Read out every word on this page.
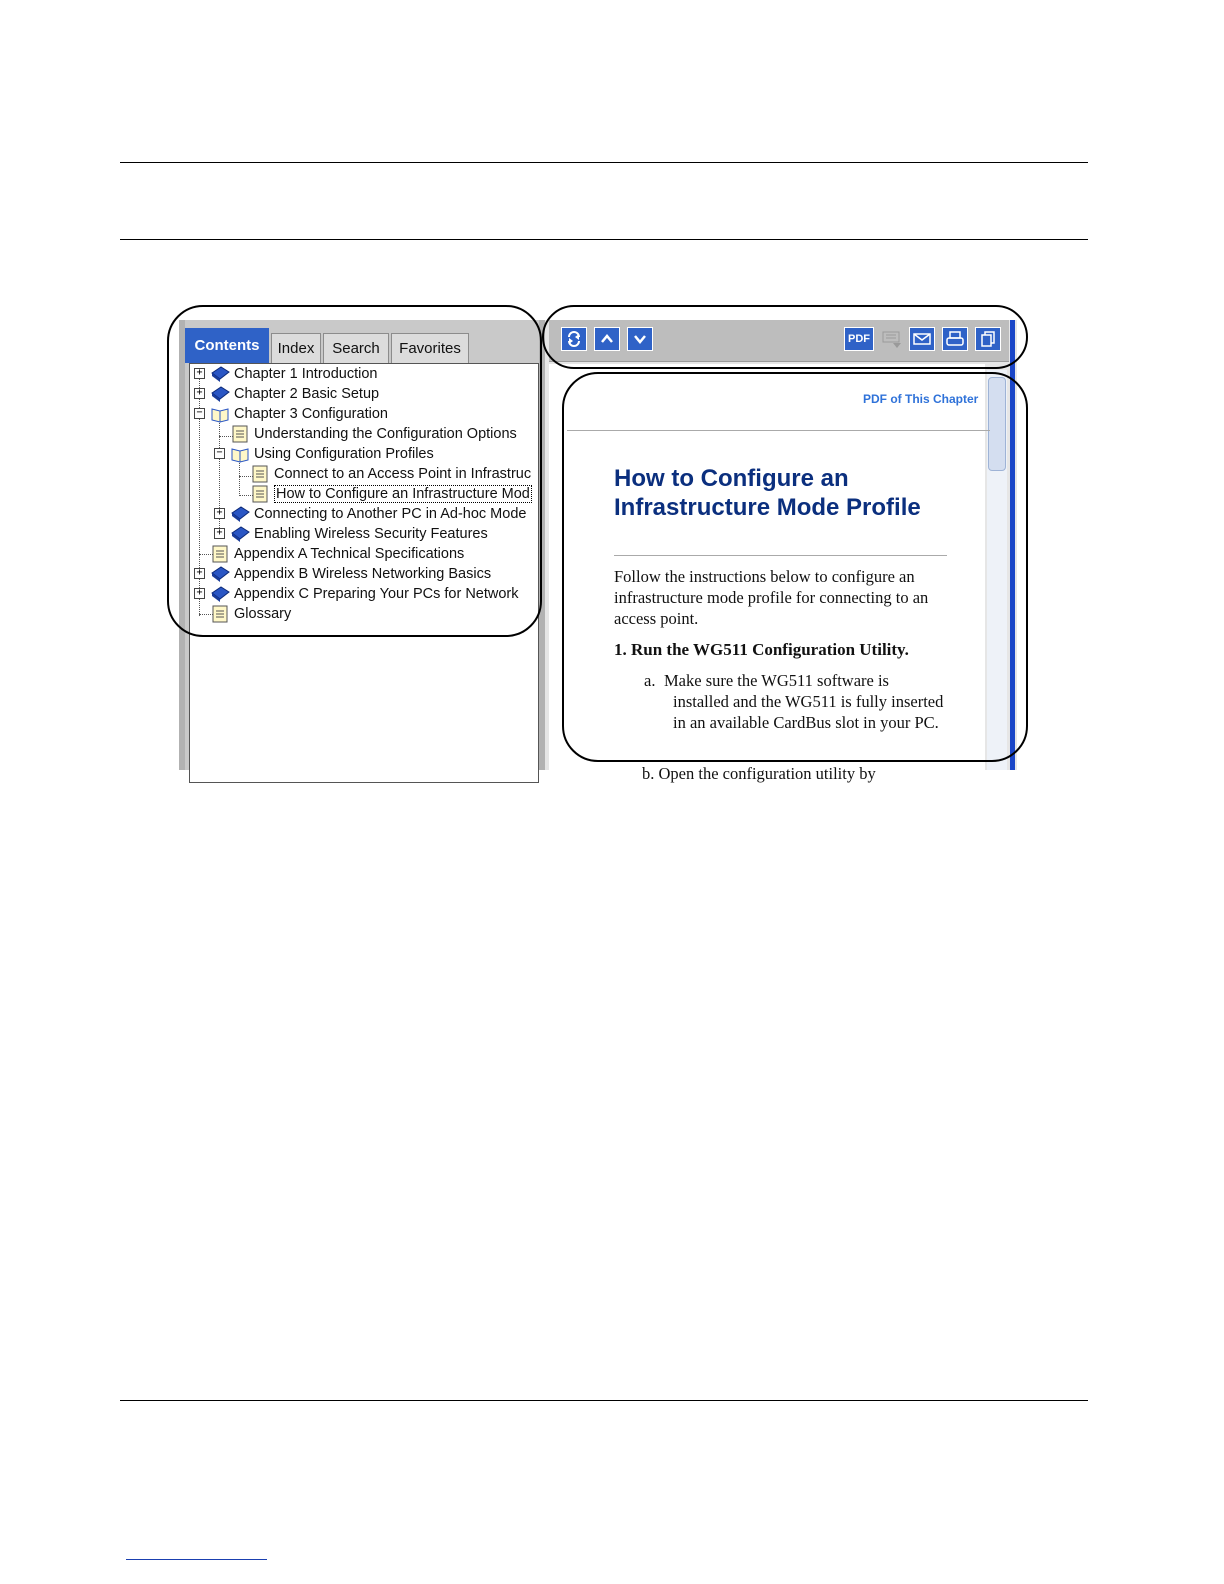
Contents	Index	Search	Favorites
+ Chapter 1 Introduction
+ Chapter 2 Basic Setup
− Chapter 3 Configuration
Understanding the Configuration Options
− Using Configuration Profiles
Connect to an Access Point in Infrastruc
How to Configure an Infrastructure Mod
+ Connecting to Another PC in Ad-hoc Mode
+ Enabling Wireless Security Features
Appendix A Technical Specifications
+ Appendix B Wireless Networking Basics
+ Appendix C Preparing Your PCs for Network
Glossary
PDF
PDF of This Chapter
How to Configure an
Infrastructure Mode Profile
Follow the instructions below to configure an infrastructure mode profile for connecting to an access point.
1. Run the WG511 Configuration Utility.
a. Make sure the WG511 software is installed and the WG511 is fully inserted in an available CardBus slot in your PC.
b. Open the configuration utility by
